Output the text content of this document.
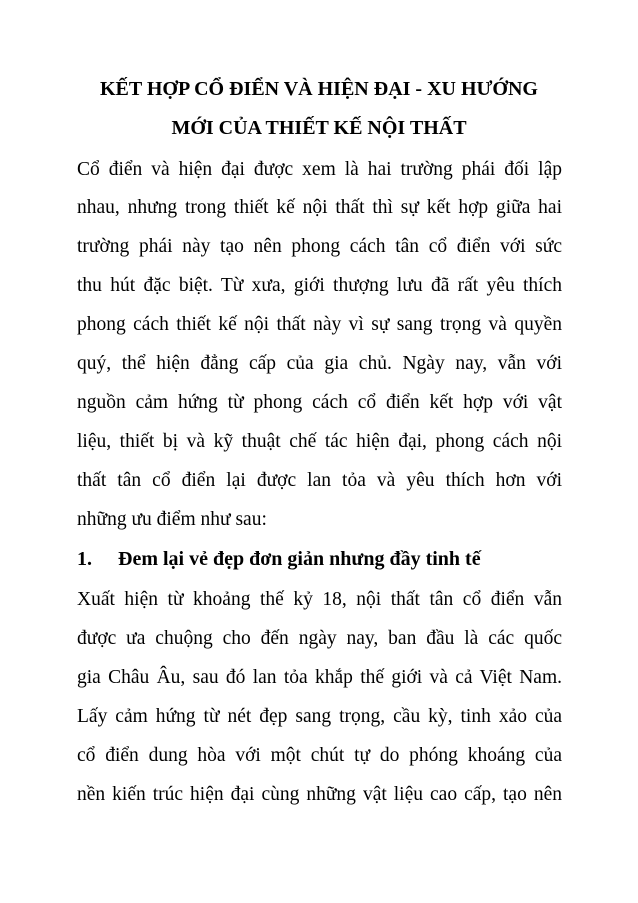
KẾT HỢP CỔ ĐIỂN VÀ HIỆN ĐẠI - XU HƯỚNG
MỚI CỦA THIẾT KẾ NỘI THẤT
Cổ điển và hiện đại được xem là hai trường phái đối lập
nhau, nhưng trong thiết kế nội thất thì sự kết hợp giữa hai
trường phái này tạo nên phong cách tân cổ điển với sức
thu hút đặc biệt. Từ xưa, giới thượng lưu đã rất yêu thích
phong cách thiết kế nội thất này vì sự sang trọng và quyền
quý, thể hiện đẳng cấp của gia chủ. Ngày nay, vẫn với
nguồn cảm hứng từ phong cách cổ điển kết hợp với vật
liệu, thiết bị và kỹ thuật chế tác hiện đại, phong cách nội
thất tân cổ điển lại được lan tỏa và yêu thích hơn với
những ưu điểm như sau:
1. Đem lại vẻ đẹp đơn giản nhưng đầy tinh tế
Xuất hiện từ khoảng thế kỷ 18, nội thất tân cổ điển vẫn
được ưa chuộng cho đến ngày nay, ban đầu là các quốc
gia Châu Âu, sau đó lan tỏa khắp thế giới và cả Việt Nam.
Lấy cảm hứng từ nét đẹp sang trọng, cầu kỳ, tinh xảo của
cổ điển dung hòa với một chút tự do phóng khoáng của
nền kiến trúc hiện đại cùng những vật liệu cao cấp, tạo nên
